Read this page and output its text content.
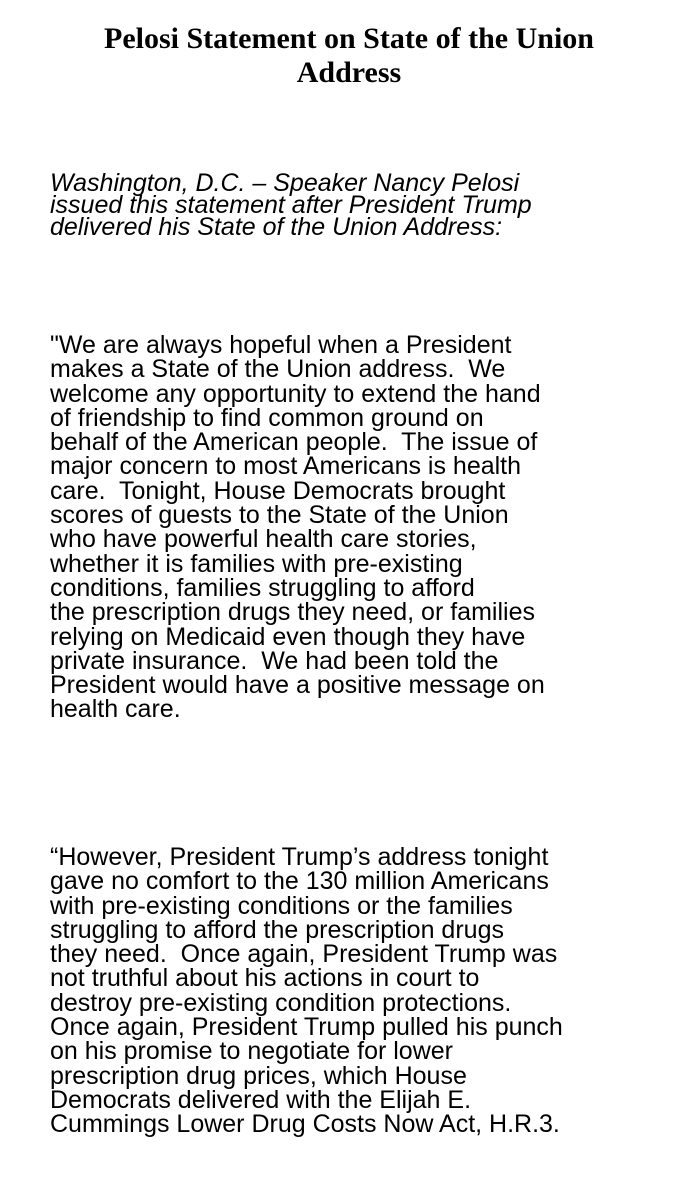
Pelosi Statement on State of the Union
Address

Washington, D.C. – Speaker Nancy Pelosi
issued this statement after President Trump
delivered his State of the Union Address:

"We are always hopeful when a President
makes a State of the Union address.  We
welcome any opportunity to extend the hand
of friendship to find common ground on
behalf of the American people.  The issue of
major concern to most Americans is health
care.  Tonight, House Democrats brought
scores of guests to the State of the Union
who have powerful health care stories,
whether it is families with pre-existing
conditions, families struggling to afford
the prescription drugs they need, or families
relying on Medicaid even though they have
private insurance.  We had been told the
President would have a positive message on
health care.

“However, President Trump’s address tonight
gave no comfort to the 130 million Americans
with pre-existing conditions or the families
struggling to afford the prescription drugs
they need.  Once again, President Trump was
not truthful about his actions in court to
destroy pre-existing condition protections.
Once again, President Trump pulled his punch
on his promise to negotiate for lower
prescription drug prices, which House
Democrats delivered with the Elijah E.
Cummings Lower Drug Costs Now Act, H.R.3.
